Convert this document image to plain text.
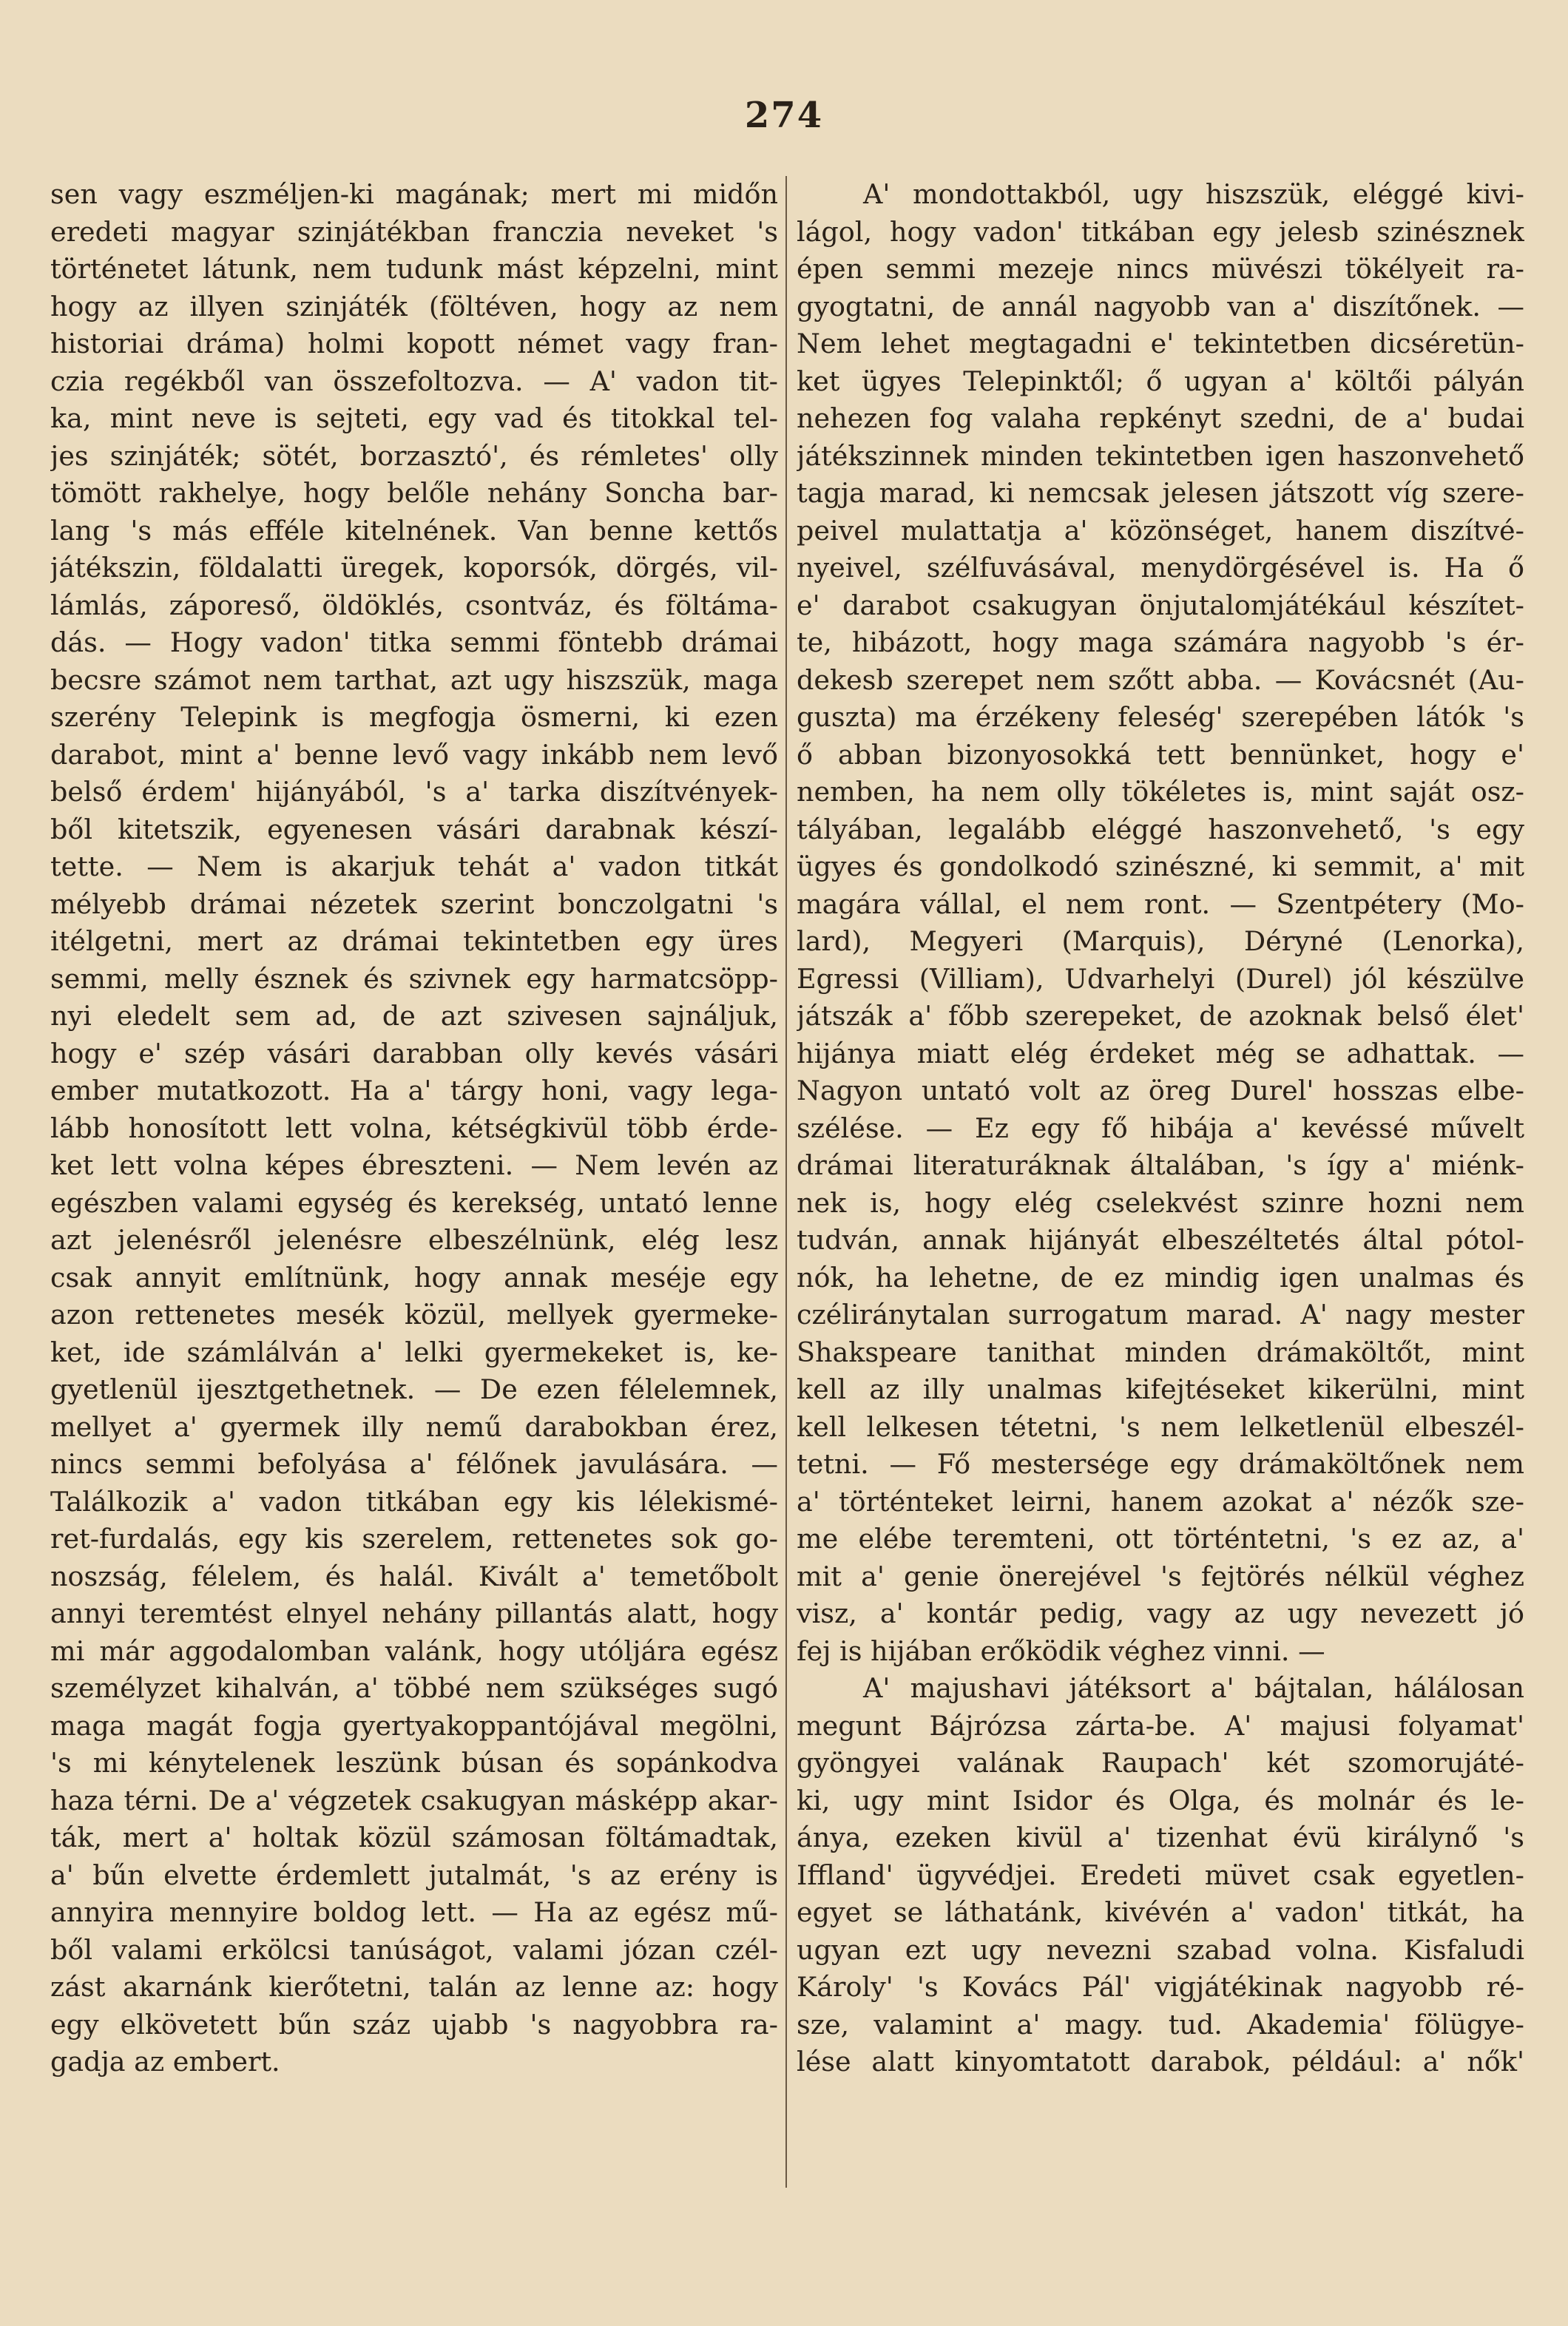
274
sen vagy eszméljen-ki magának; mert mi midőn
eredeti magyar szinjátékban franczia neveket 's
történetet látunk, nem tudunk mást képzelni, mint
hogy az illyen szinjáték (föltéven, hogy az nem
historiai dráma) holmi kopott német vagy fran-
czia regékből van összefoltozva. — A' vadon tit-
ka, mint neve is sejteti, egy vad és titokkal tel-
jes szinjáték; sötét, borzasztó', és rémletes' olly
tömött rakhelye, hogy belőle nehány Soncha bar-
lang 's más efféle kitelnének. Van benne kettős
játékszin, földalatti üregek, koporsók, dörgés, vil-
lámlás, záporeső, öldöklés, csontváz, és föltáma-
dás. — Hogy vadon' titka semmi föntebb drámai
becsre számot nem tarthat, azt ugy hiszszük, maga
szerény Telepink is megfogja ösmerni, ki ezen
darabot, mint a' benne levő vagy inkább nem levő
belső érdem' hijányából, 's a' tarka diszítvények-
ből kitetszik, egyenesen vásári darabnak készí-
tette. — Nem is akarjuk tehát a' vadon titkát
mélyebb drámai nézetek szerint bonczolgatni 's
itélgetni, mert az drámai tekintetben egy üres
semmi, melly észnek és szivnek egy harmatcsöpp-
nyi eledelt sem ad, de azt szivesen sajnáljuk,
hogy e' szép vásári darabban olly kevés vásári
ember mutatkozott. Ha a' tárgy honi, vagy lega-
lább honosított lett volna, kétségkivül több érde-
ket lett volna képes ébreszteni. — Nem levén az
egészben valami egység és kerekség, untató lenne
azt jelenésről jelenésre elbeszélnünk, elég lesz
csak annyit említnünk, hogy annak meséje egy
azon rettenetes mesék közül, mellyek gyermeke-
ket, ide számlálván a' lelki gyermekeket is, ke-
gyetlenül ijesztgethetnek. — De ezen félelemnek,
mellyet a' gyermek illy nemű darabokban érez,
nincs semmi befolyása a' félőnek javulására. —
Találkozik a' vadon titkában egy kis lélekismé-
ret-furdalás, egy kis szerelem, rettenetes sok go-
noszság, félelem, és halál. Kivált a' temetőbolt
annyi teremtést elnyel nehány pillantás alatt, hogy
mi már aggodalomban valánk, hogy utóljára egész
személyzet kihalván, a' többé nem szükséges sugó
maga magát fogja gyertyakoppantójával megölni,
's mi kénytelenek leszünk búsan és sopánkodva
haza térni. De a' végzetek csakugyan másképp akar-
ták, mert a' holtak közül számosan föltámadtak,
a' bűn elvette érdemlett jutalmát, 's az erény is
annyira mennyire boldog lett. — Ha az egész mű-
ből valami erkölcsi tanúságot, valami józan czél-
zást akarnánk kierőtetni, talán az lenne az: hogy
egy elkövetett bűn száz ujabb 's nagyobbra ra-
gadja az embert.
A' mondottakból, ugy hiszszük, eléggé kivi-
lágol, hogy vadon' titkában egy jelesb szinésznek
épen semmi mezeje nincs müvészi tökélyeit ra-
gyogtatni, de annál nagyobb van a' diszítőnek. —
Nem lehet megtagadni e' tekintetben dicséretün-
ket ügyes Telepinktől; ő ugyan a' költői pályán
nehezen fog valaha repkényt szedni, de a' budai
játékszinnek minden tekintetben igen haszonvehető
tagja marad, ki nemcsak jelesen játszott víg szere-
peivel mulattatja a' közönséget, hanem diszítvé-
nyeivel, szélfuvásával, menydörgésével is. Ha ő
e' darabot csakugyan önjutalomjátékául készítet-
te, hibázott, hogy maga számára nagyobb 's ér-
dekesb szerepet nem szőtt abba. — Kovácsnét (Au-
guszta) ma érzékeny feleség' szerepében látók 's
ő abban bizonyosokká tett bennünket, hogy e'
nemben, ha nem olly tökéletes is, mint saját osz-
tályában, legalább eléggé haszonvehető, 's egy
ügyes és gondolkodó szinészné, ki semmit, a' mit
magára vállal, el nem ront. — Szentpétery (Mo-
lard), Megyeri (Marquis), Déryné (Lenorka),
Egressi (Villiam), Udvarhelyi (Durel) jól készülve
játszák a' főbb szerepeket, de azoknak belső élet'
hijánya miatt elég érdeket még se adhattak. —
Nagyon untató volt az öreg Durel' hosszas elbe-
szélése. — Ez egy fő hibája a' kevéssé művelt
drámai literaturáknak általában, 's így a' miénk-
nek is, hogy elég cselekvést szinre hozni nem
tudván, annak hijányát elbeszéltetés által pótol-
nók, ha lehetne, de ez mindig igen unalmas és
czéliránytalan surrogatum marad. A' nagy mester
Shakspeare tanithat minden drámaköltőt, mint
kell az illy unalmas kifejtéseket kikerülni, mint
kell lelkesen tétetni, 's nem lelketlenül elbeszél-
tetni. — Fő mestersége egy drámaköltőnek nem
a' történteket leirni, hanem azokat a' nézők sze-
me elébe teremteni, ott történtetni, 's ez az, a'
mit a' genie önerejével 's fejtörés nélkül véghez
visz, a' kontár pedig, vagy az ugy nevezett jó
fej is hijában erőködik véghez vinni. —
A' majushavi játéksort a' bájtalan, hálálosan
megunt Bájrózsa zárta-be. A' majusi folyamat'
gyöngyei valának Raupach' két szomorujáté-
ki, ugy mint Isidor és Olga, és molnár és le-
ánya, ezeken kivül a' tizenhat évü királynő 's
Iffland' ügyvédjei. Eredeti müvet csak egyetlen-
egyet se láthatánk, kivévén a' vadon' titkát, ha
ugyan ezt ugy nevezni szabad volna. Kisfaludi
Károly' 's Kovács Pál' vigjátékinak nagyobb ré-
sze, valamint a' magy. tud. Akademia' fölügye-
lése alatt kinyomtatott darabok, például: a' nők'
